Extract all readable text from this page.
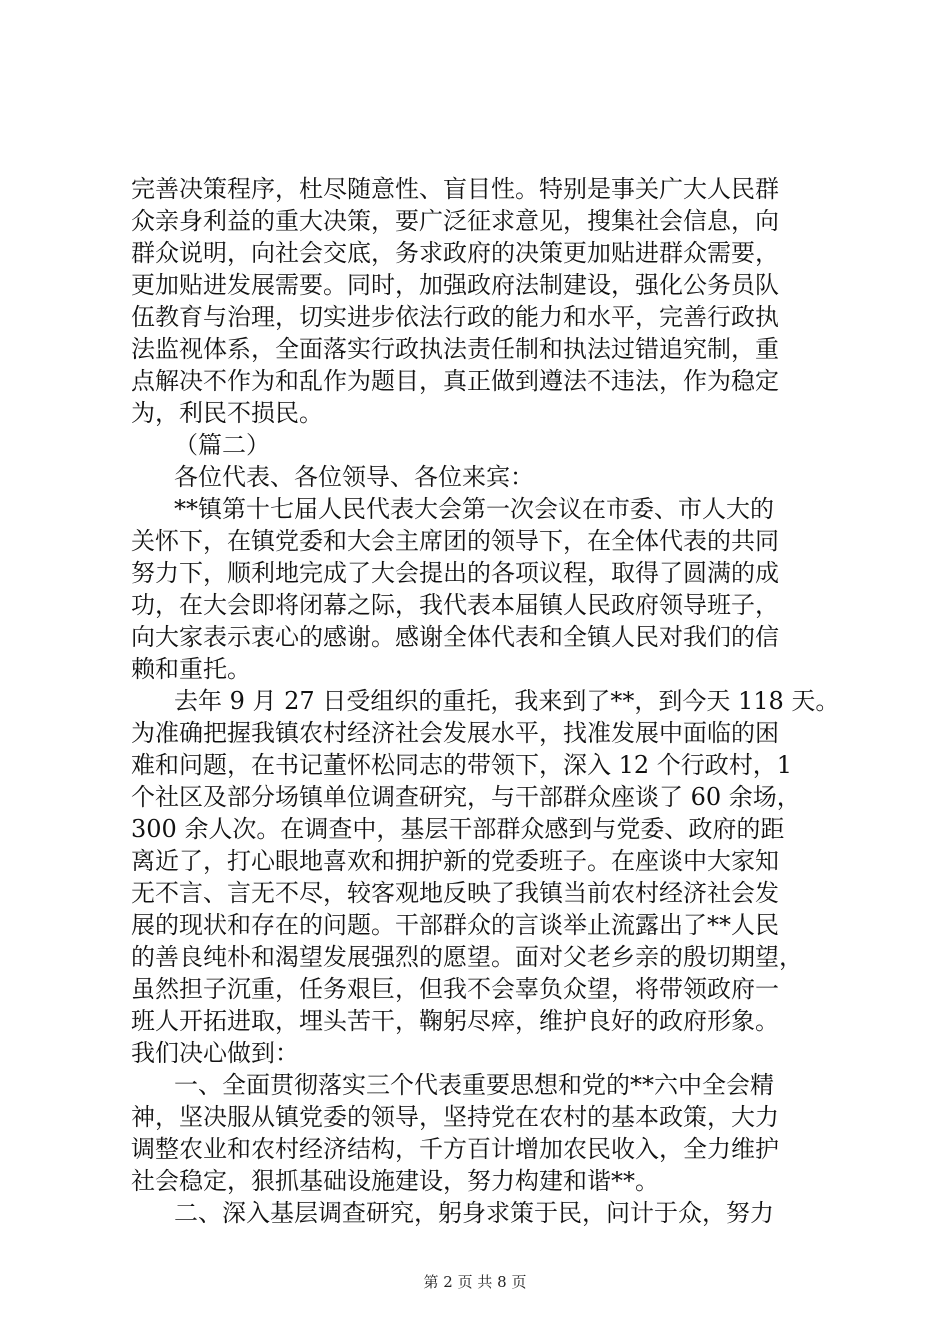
完善决策程序，杜尽随意性、盲目性。特别是事关广大人民群
众亲身利益的重大决策，要广泛征求意见，搜集社会信息，向
群众说明，向社会交底，务求政府的决策更加贴进群众需要，
更加贴进发展需要。同时，加强政府法制建设，强化公务员队
伍教育与治理，切实进步依法行政的能力和水平，完善行政执
法监视体系，全面落实行政执法责任制和执法过错追究制，重
点解决不作为和乱作为题目，真正做到遵法不违法，作为稳定
为，利民不损民。
（篇二）
各位代表、各位领导、各位来宾：
**镇第十七届人民代表大会第一次会议在市委、市人大的
关怀下，在镇党委和大会主席团的领导下，在全体代表的共同
努力下，顺利地完成了大会提出的各项议程，取得了圆满的成
功，在大会即将闭幕之际，我代表本届镇人民政府领导班子，
向大家表示衷心的感谢。感谢全体代表和全镇人民对我们的信
赖和重托。
去年 9 月 27 日受组织的重托，我来到了**，到今天 118 天。
为准确把握我镇农村经济社会发展水平，找准发展中面临的困
难和问题，在书记董怀松同志的带领下，深入 12 个行政村，1
个社区及部分场镇单位调查研究，与干部群众座谈了 60 余场，
300 余人次。在调查中，基层干部群众感到与党委、政府的距
离近了，打心眼地喜欢和拥护新的党委班子。在座谈中大家知
无不言、言无不尽，较客观地反映了我镇当前农村经济社会发
展的现状和存在的问题。干部群众的言谈举止流露出了**人民
的善良纯朴和渴望发展强烈的愿望。面对父老乡亲的殷切期望，
虽然担子沉重，任务艰巨，但我不会辜负众望，将带领政府一
班人开拓进取，埋头苦干，鞠躬尽瘁，维护良好的政府形象。
我们决心做到：
一、全面贯彻落实三个代表重要思想和党的**六中全会精
神，坚决服从镇党委的领导，坚持党在农村的基本政策，大力
调整农业和农村经济结构，千方百计增加农民收入，全力维护
社会稳定，狠抓基础设施建设，努力构建和谐**。
二、深入基层调查研究，躬身求策于民，问计于众，努力
第 2 页 共 8 页
